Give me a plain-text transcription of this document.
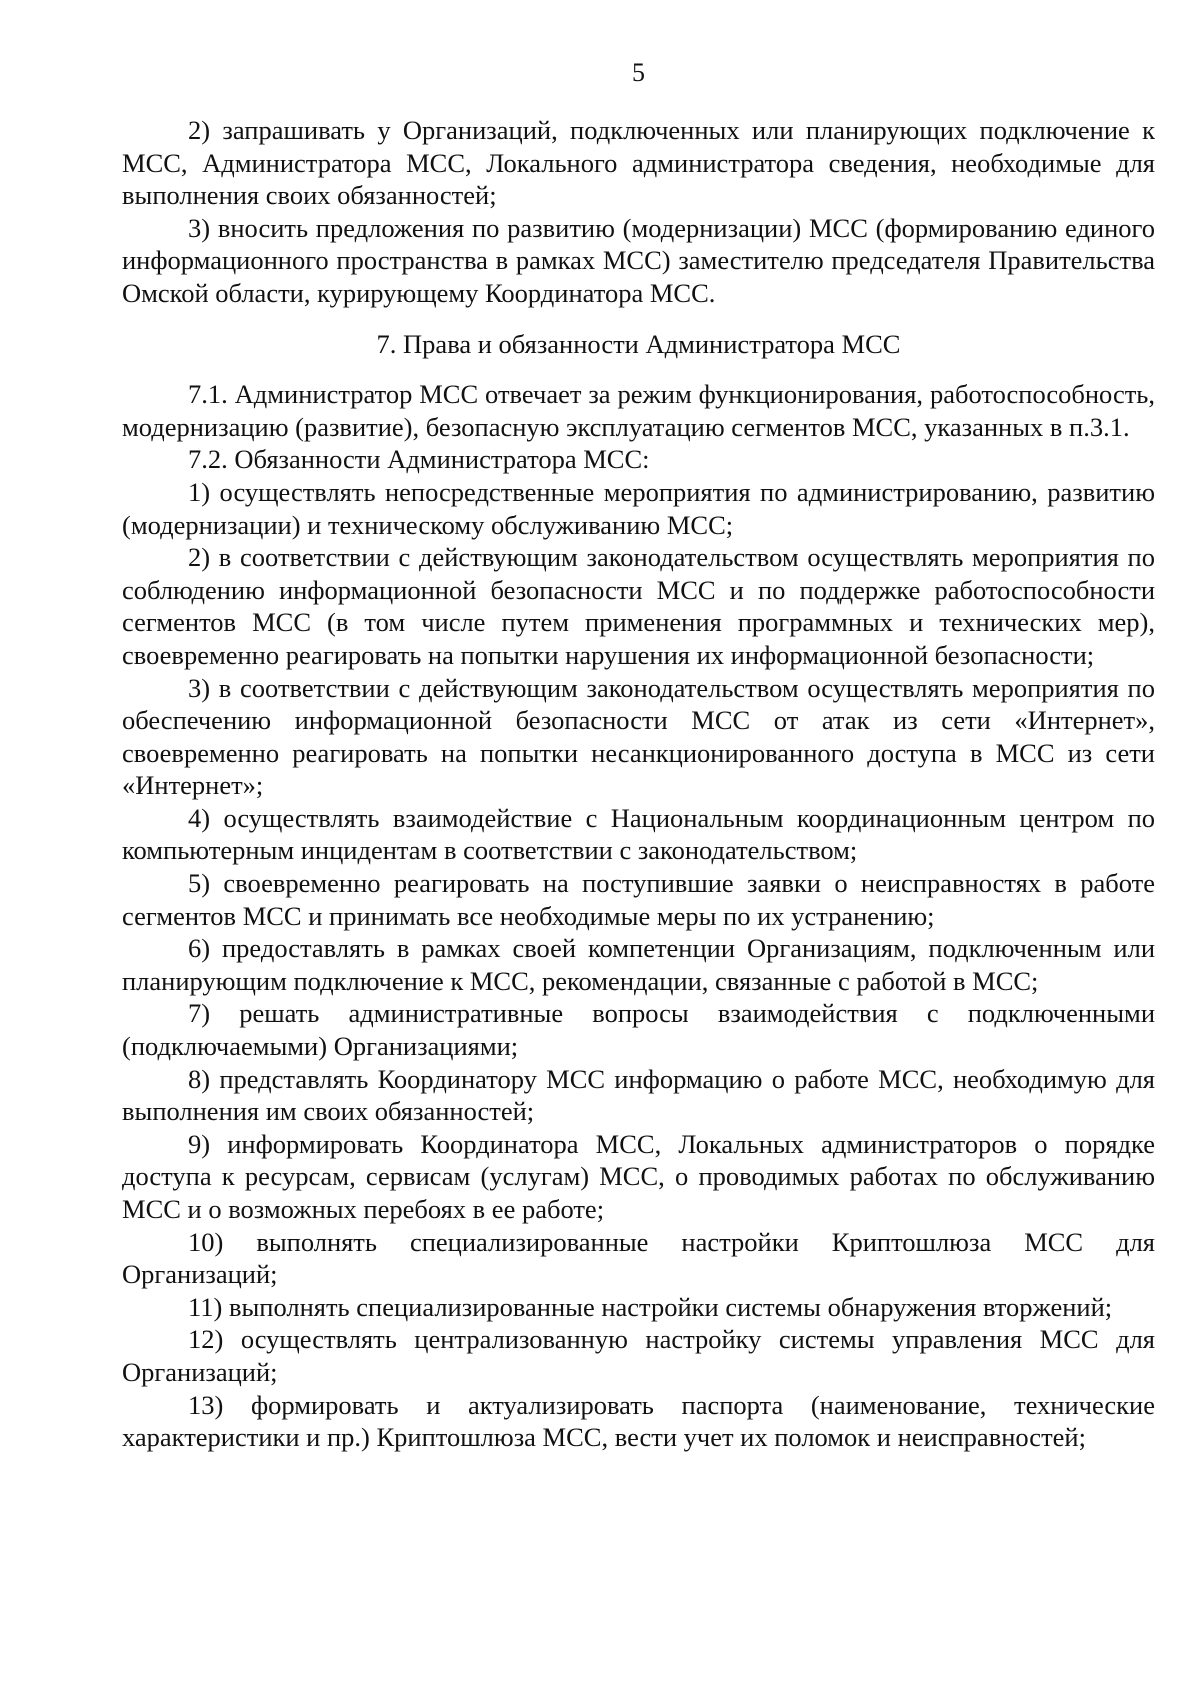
5

2) запрашивать у Организаций, подключенных или планирующих подключение к МСС, Администратора МСС, Локального администратора сведения, необходимые для выполнения своих обязанностей;

3) вносить предложения по развитию (модернизации) МСС (формированию единого информационного пространства в рамках МСС) заместителю председателя Правительства Омской области, курирующему Координатора МСС.

7. Права и обязанности Администратора МСС

7.1. Администратор МСС отвечает за режим функционирования, работоспособность, модернизацию (развитие), безопасную эксплуатацию сегментов МСС, указанных в п.3.1.

7.2. Обязанности Администратора МСС:

1) осуществлять непосредственные мероприятия по администрированию, развитию (модернизации) и техническому обслуживанию МСС;

2) в соответствии с действующим законодательством осуществлять мероприятия по соблюдению информационной безопасности МСС и по поддержке работоспособности сегментов МСС (в том числе путем применения программных и технических мер), своевременно реагировать на попытки нарушения их информационной безопасности;

3) в соответствии с действующим законодательством осуществлять мероприятия по обеспечению информационной безопасности МСС от атак из сети «Интернет», своевременно реагировать на попытки несанкционированного доступа в МСС из сети «Интернет»;

4) осуществлять взаимодействие с Национальным координационным центром по компьютерным инцидентам в соответствии с законодательством;

5) своевременно реагировать на поступившие заявки о неисправностях в работе сегментов МСС и принимать все необходимые меры по их устранению;

6) предоставлять в рамках своей компетенции Организациям, подключенным или планирующим подключение к МСС, рекомендации, связанные с работой в МСС;

7) решать административные вопросы взаимодействия с подключенными (подключаемыми) Организациями;

8) представлять Координатору МСС информацию о работе МСС, необходимую для выполнения им своих обязанностей;

9) информировать Координатора МСС, Локальных администраторов о порядке доступа к ресурсам, сервисам (услугам) МСС, о проводимых работах по обслуживанию МСС и о возможных перебоях в ее работе;

10) выполнять специализированные настройки Криптошлюза МСС для Организаций;

11) выполнять специализированные настройки системы обнаружения вторжений;

12) осуществлять централизованную настройку системы управления МСС для Организаций;

13) формировать и актуализировать паспорта (наименование, технические характеристики и пр.) Криптошлюза МСС, вести учет их поломок и неисправностей;
